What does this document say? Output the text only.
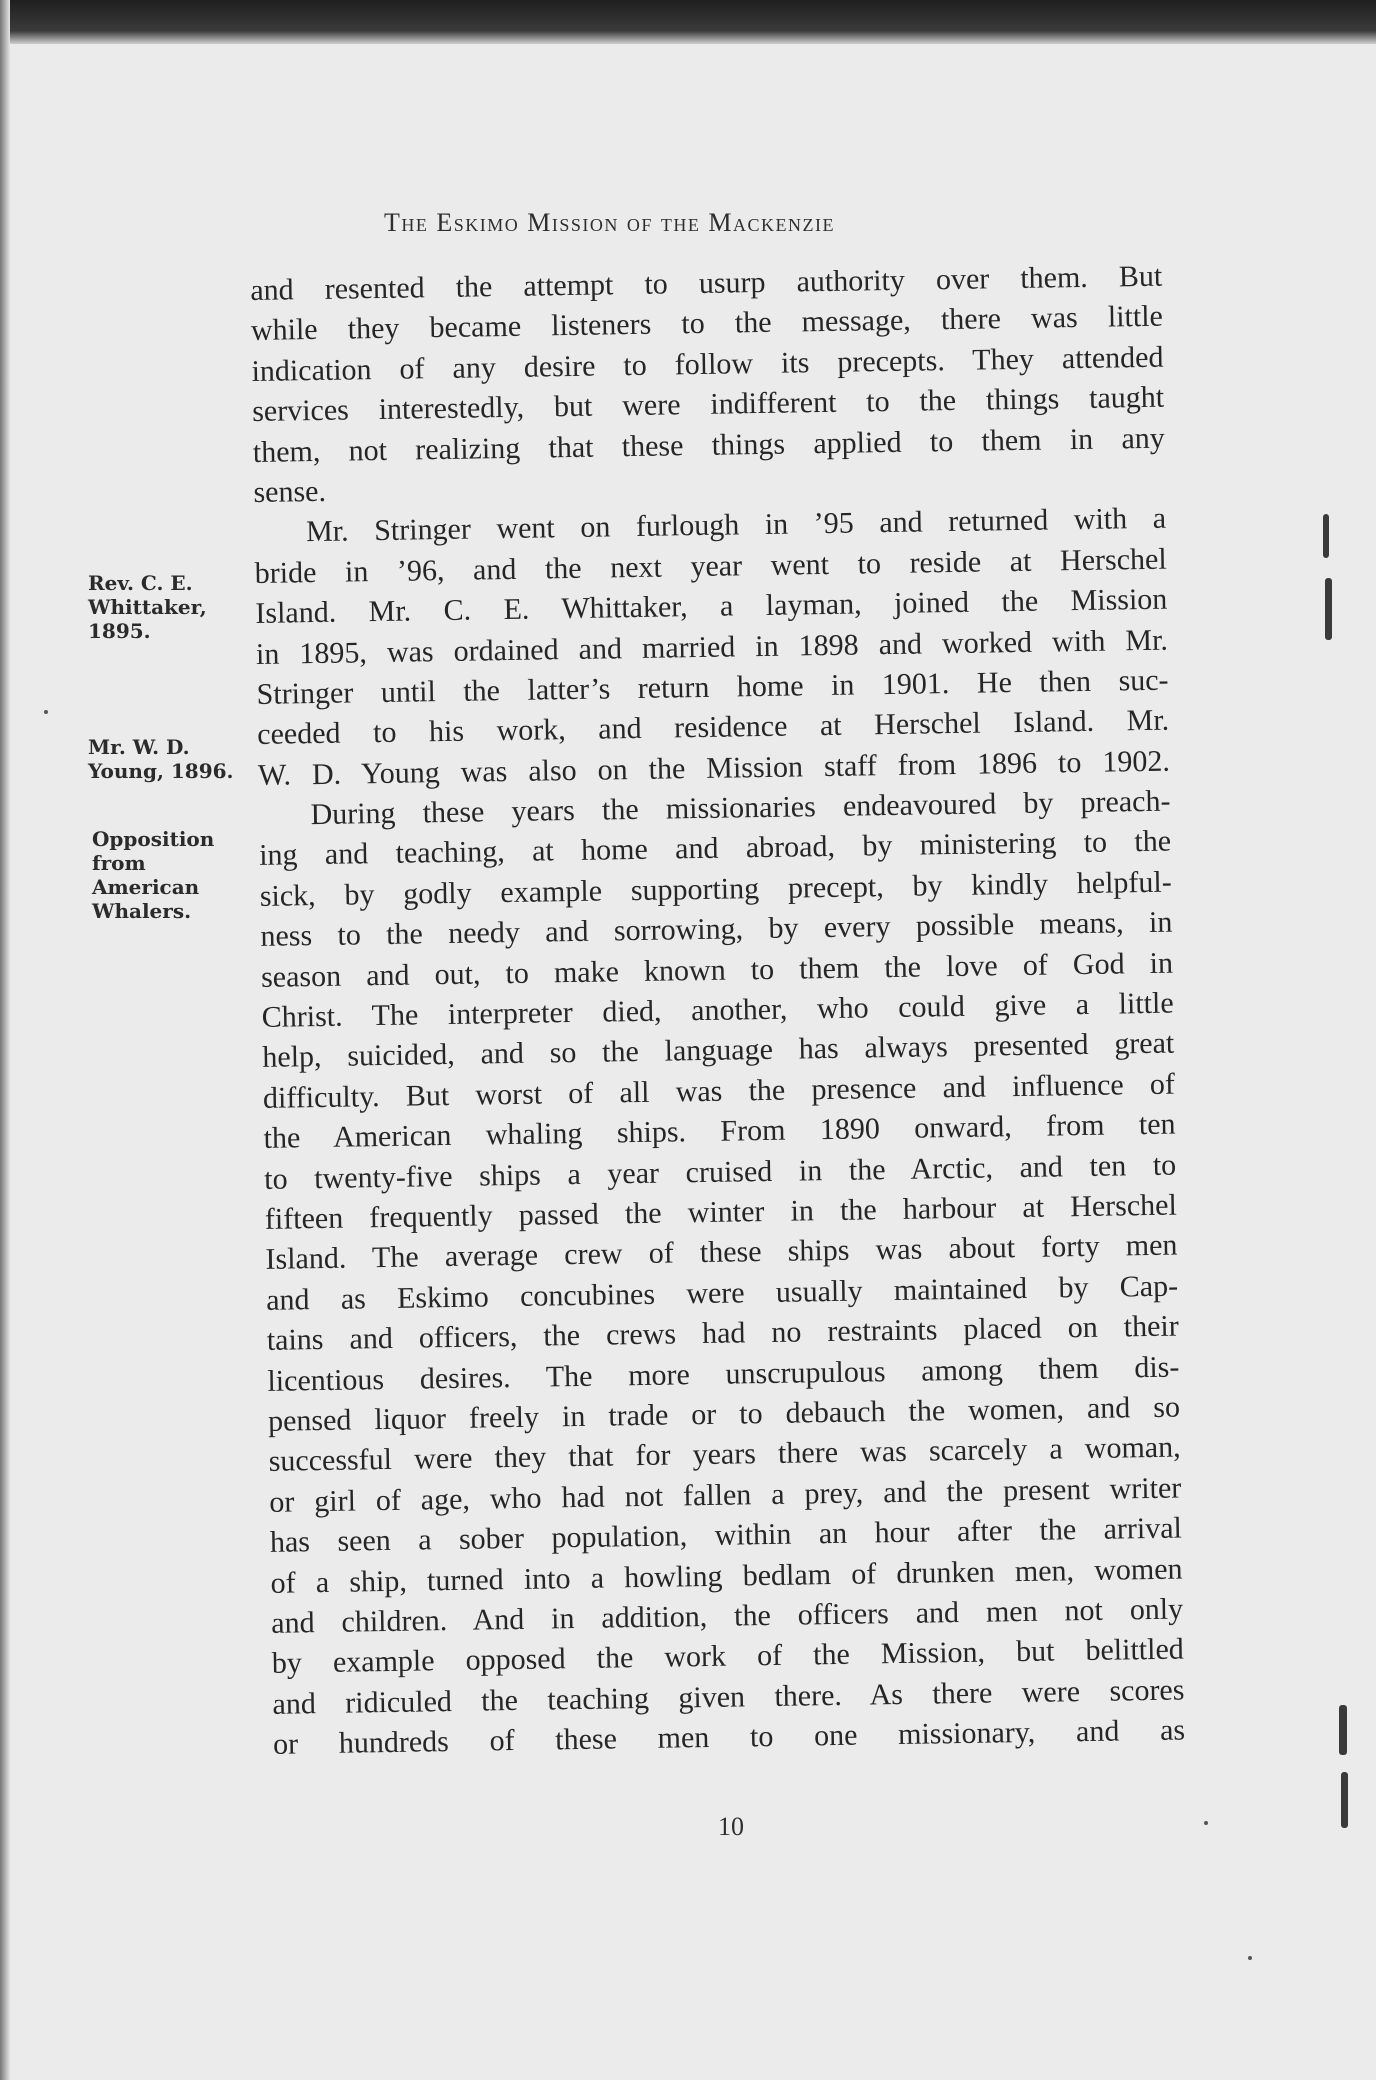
The Eskimo Mission of the Mackenzie
Rev. C. E.
Whittaker,
1895.
Mr. W. D.
Young, 1896.
Opposition
from
American
Whalers.
and resented the attempt to usurp authority over them. But
while they became listeners to the message, there was little
indication of any desire to follow its precepts. They attended
services interestedly, but were indifferent to the things taught
them, not realizing that these things applied to them in any
sense.
Mr. Stringer went on furlough in ’95 and returned with a
bride in ’96, and the next year went to reside at Herschel
Island. Mr. C. E. Whittaker, a layman, joined the Mission
in 1895, was ordained and married in 1898 and worked with Mr.
Stringer until the latter’s return home in 1901. He then suc-
ceeded to his work, and residence at Herschel Island. Mr.
W. D. Young was also on the Mission staff from 1896 to 1902.
During these years the missionaries endeavoured by preach-
ing and teaching, at home and abroad, by ministering to the
sick, by godly example supporting precept, by kindly helpful-
ness to the needy and sorrowing, by every possible means, in
season and out, to make known to them the love of God in
Christ. The interpreter died, another, who could give a little
help, suicided, and so the language has always presented great
difficulty. But worst of all was the presence and influence of
the American whaling ships. From 1890 onward, from ten
to twenty-five ships a year cruised in the Arctic, and ten to
fifteen frequently passed the winter in the harbour at Herschel
Island. The average crew of these ships was about forty men
and as Eskimo concubines were usually maintained by Cap-
tains and officers, the crews had no restraints placed on their
licentious desires. The more unscrupulous among them dis-
pensed liquor freely in trade or to debauch the women, and so
successful were they that for years there was scarcely a woman,
or girl of age, who had not fallen a prey, and the present writer
has seen a sober population, within an hour after the arrival
of a ship, turned into a howling bedlam of drunken men, women
and children. And in addition, the officers and men not only
by example opposed the work of the Mission, but belittled
and ridiculed the teaching given there. As there were scores
or hundreds of these men to one missionary, and as
10
